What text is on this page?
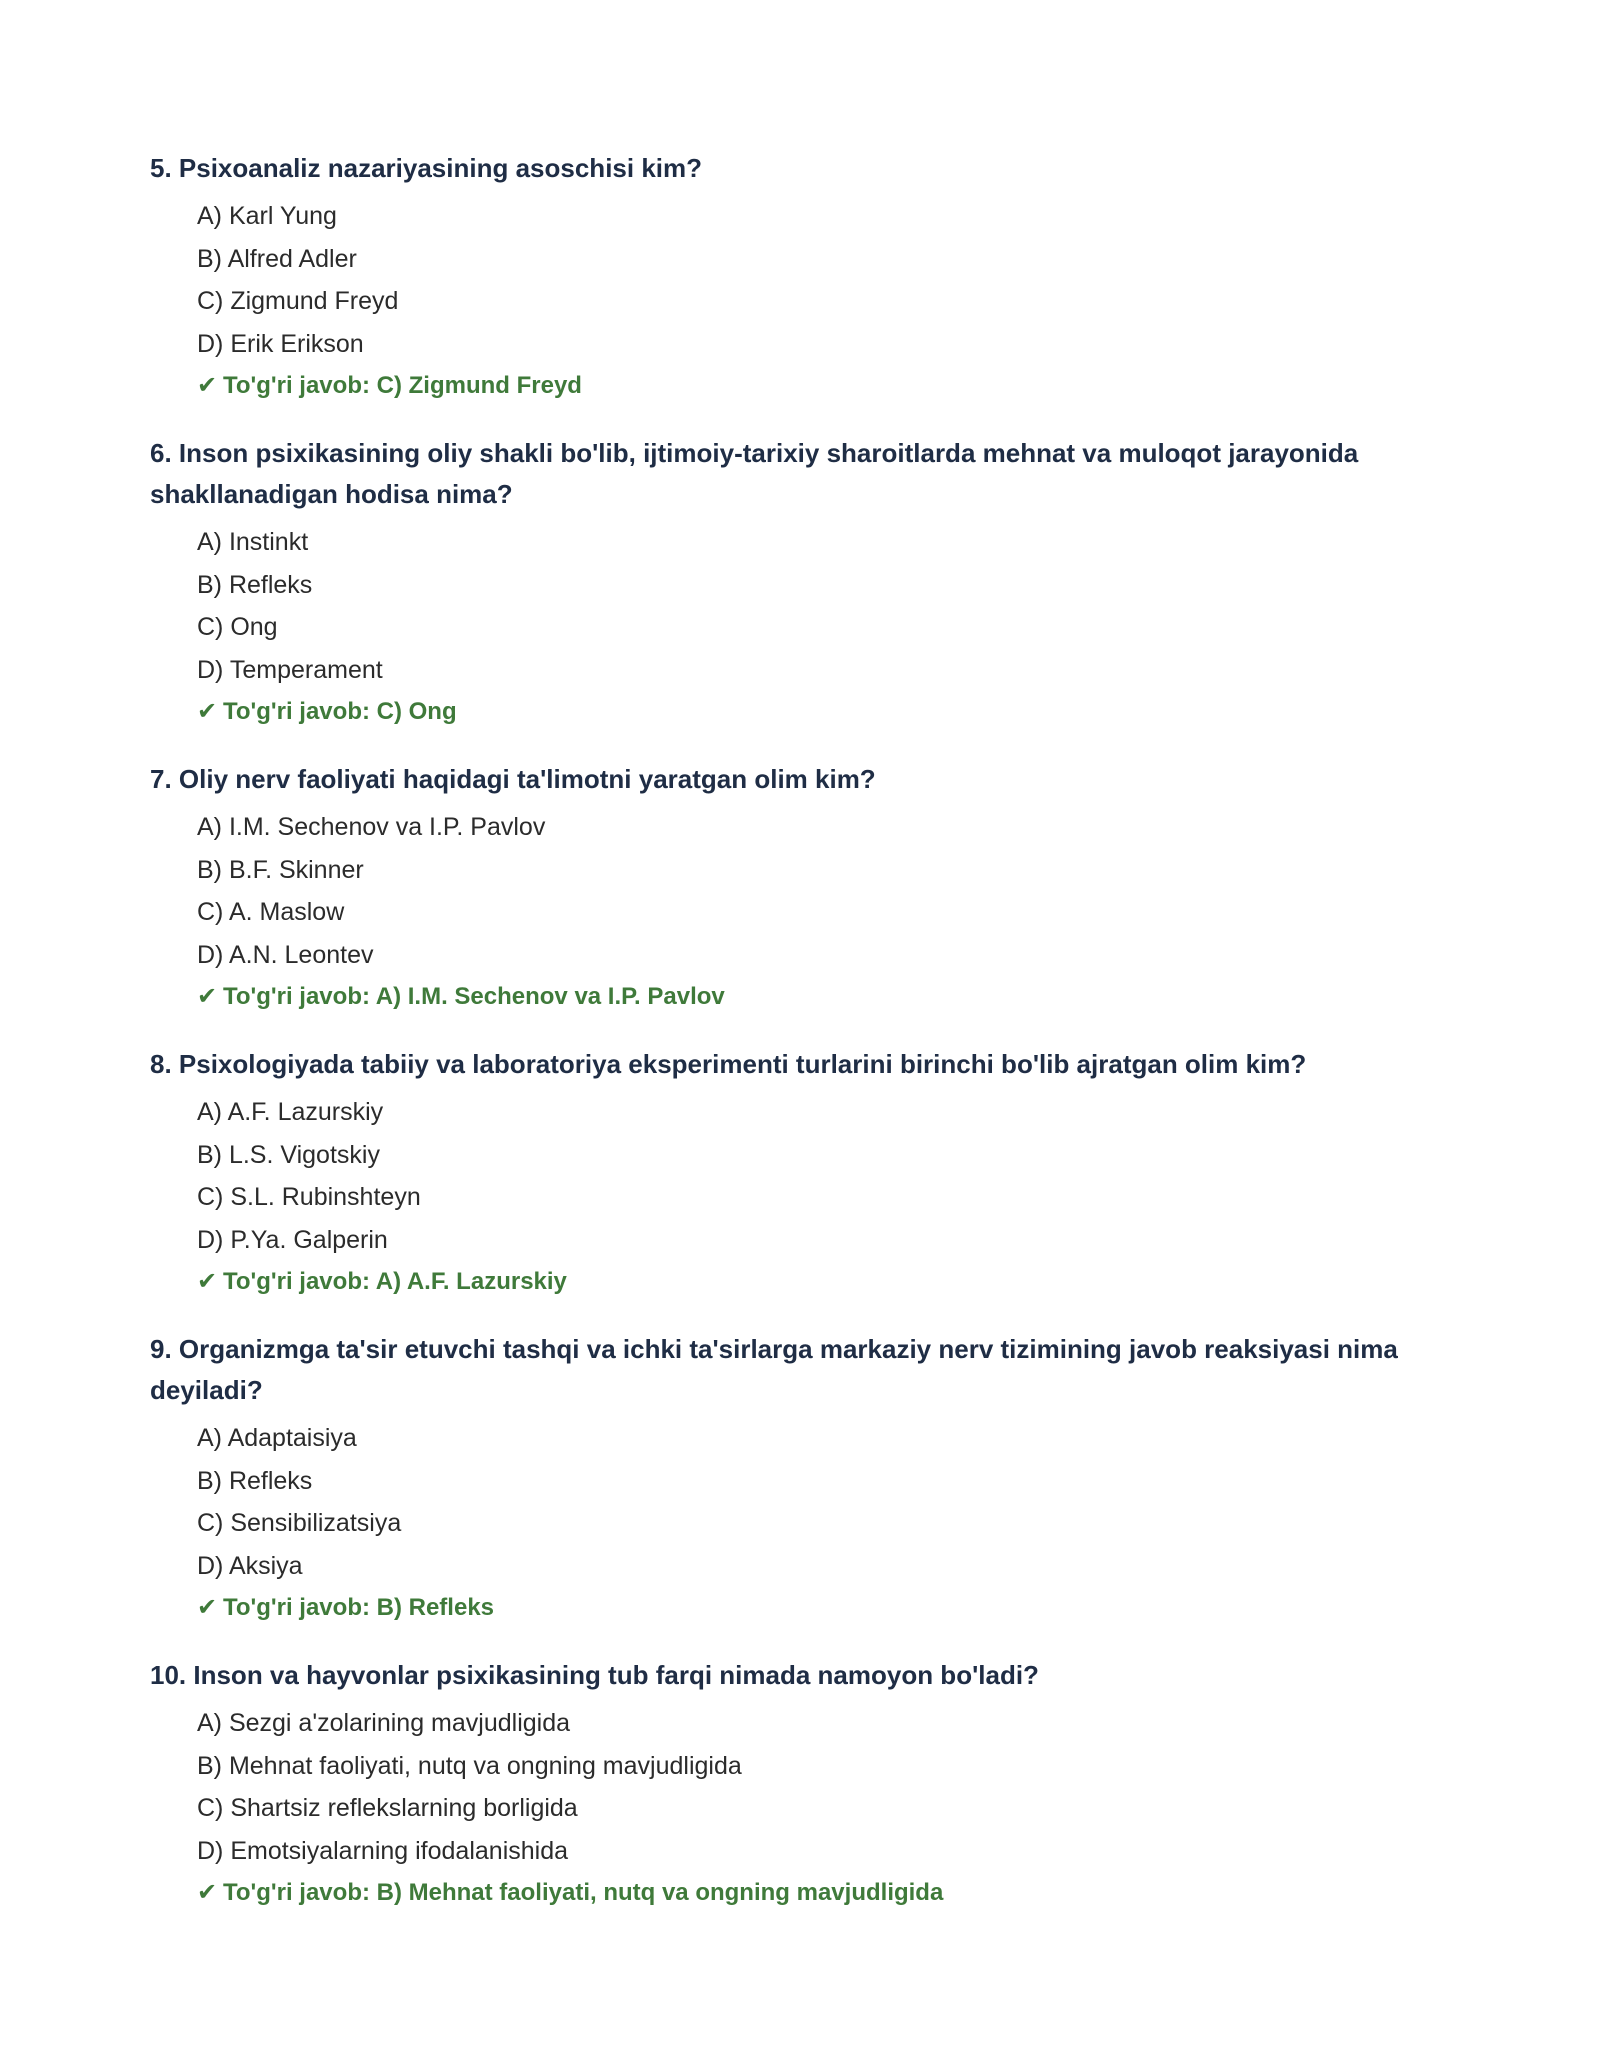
5. Psixoanaliz nazariyasining asoschisi kim?
A) Karl Yung
B) Alfred Adler
C) Zigmund Freyd
D) Erik Erikson
✔ To'g'ri javob: C) Zigmund Freyd
6. Inson psixikasining oliy shakli bo'lib, ijtimoiy-tarixiy sharoitlarda mehnat va muloqot jarayonida shakllanadigan hodisa nima?
A) Instinkt
B) Refleks
C) Ong
D) Temperament
✔ To'g'ri javob: C) Ong
7. Oliy nerv faoliyati haqidagi ta'limotni yaratgan olim kim?
A) I.M. Sechenov va I.P. Pavlov
B) B.F. Skinner
C) A. Maslow
D) A.N. Leontev
✔ To'g'ri javob: A) I.M. Sechenov va I.P. Pavlov
8. Psixologiyada tabiiy va laboratoriya eksperimenti turlarini birinchi bo'lib ajratgan olim kim?
A) A.F. Lazurskiy
B) L.S. Vigotskiy
C) S.L. Rubinshteyn
D) P.Ya. Galperin
✔ To'g'ri javob: A) A.F. Lazurskiy
9. Organizmga ta'sir etuvchi tashqi va ichki ta'sirlarga markaziy nerv tizimining javob reaksiyasi nima deyiladi?
A) Adaptaisiya
B) Refleks
C) Sensibilizatsiya
D) Aksiya
✔ To'g'ri javob: B) Refleks
10. Inson va hayvonlar psixikasining tub farqi nimada namoyon bo'ladi?
A) Sezgi a'zolarining mavjudligida
B) Mehnat faoliyati, nutq va ongning mavjudligida
C) Shartsiz reflekslarning borligida
D) Emotsiyalarning ifodalanishida
✔ To'g'ri javob: B) Mehnat faoliyati, nutq va ongning mavjudligida
